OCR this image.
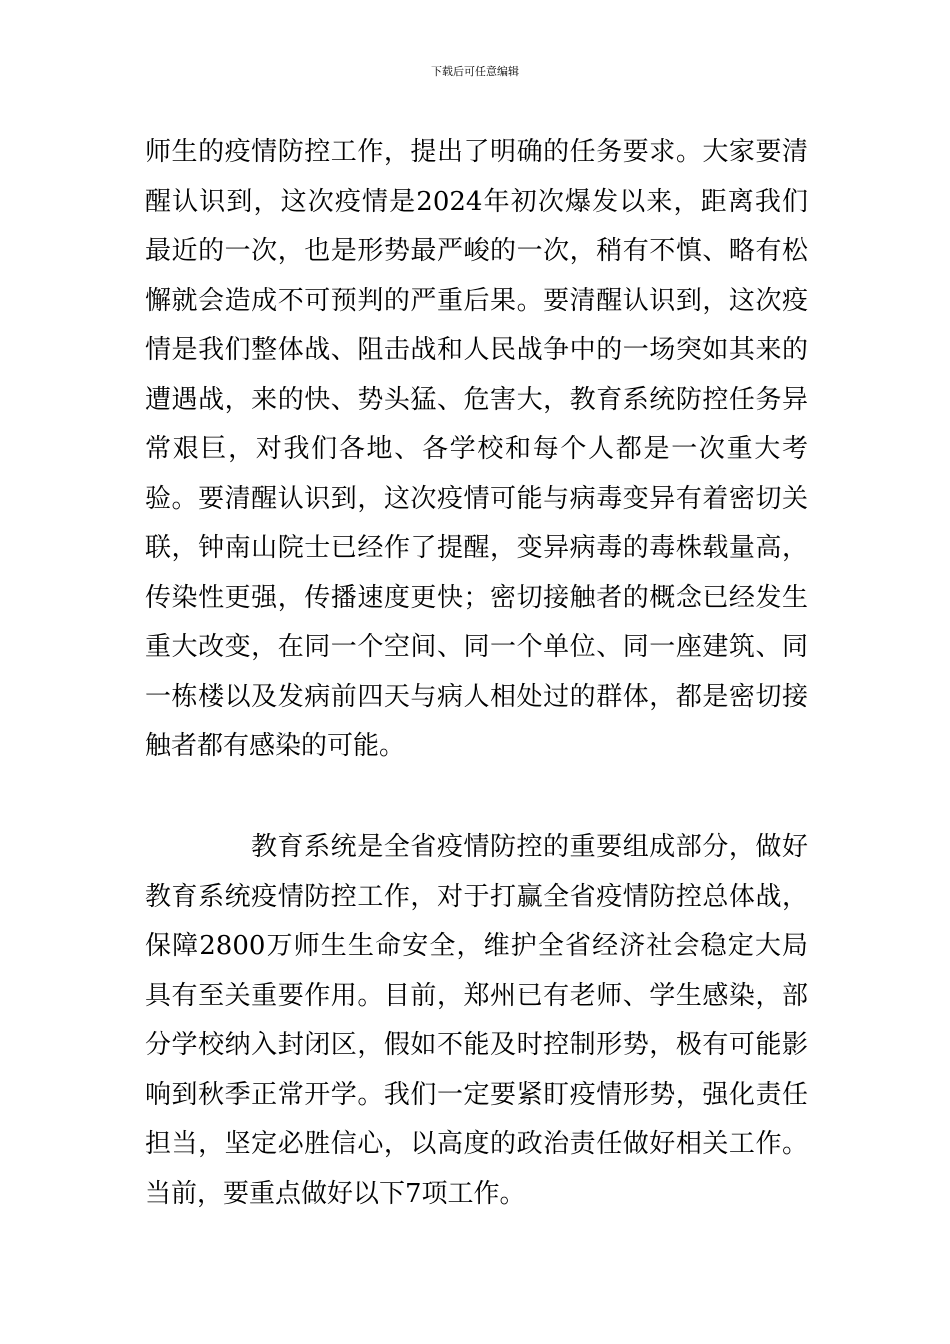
下载后可任意编辑

师生的疫情防控工作，提出了明确的任务要求。大家要清醒认识到，这次疫情是2024年初次爆发以来，距离我们最近的一次，也是形势最严峻的一次，稍有不慎、略有松懈就会造成不可预判的严重后果。要清醒认识到，这次疫情是我们整体战、阻击战和人民战争中的一场突如其来的遭遇战，来的快、势头猛、危害大，教育系统防控任务异常艰巨，对我们各地、各学校和每个人都是一次重大考验。要清醒认识到，这次疫情可能与病毒变异有着密切关联，钟南山院士已经作了提醒，变异病毒的毒株载量高，传染性更强，传播速度更快；密切接触者的概念已经发生重大改变，在同一个空间、同一个单位、同一座建筑、同一栋楼以及发病前四天与病人相处过的群体，都是密切接触者都有感染的可能。

教育系统是全省疫情防控的重要组成部分，做好教育系统疫情防控工作，对于打赢全省疫情防控总体战，保障2800万师生生命安全，维护全省经济社会稳定大局具有至关重要作用。目前，郑州已有老师、学生感染，部分学校纳入封闭区，假如不能及时控制形势，极有可能影响到秋季正常开学。我们一定要紧盯疫情形势，强化责任担当，坚定必胜信心，以高度的政治责任做好相关工作。当前，要重点做好以下7项工作。
